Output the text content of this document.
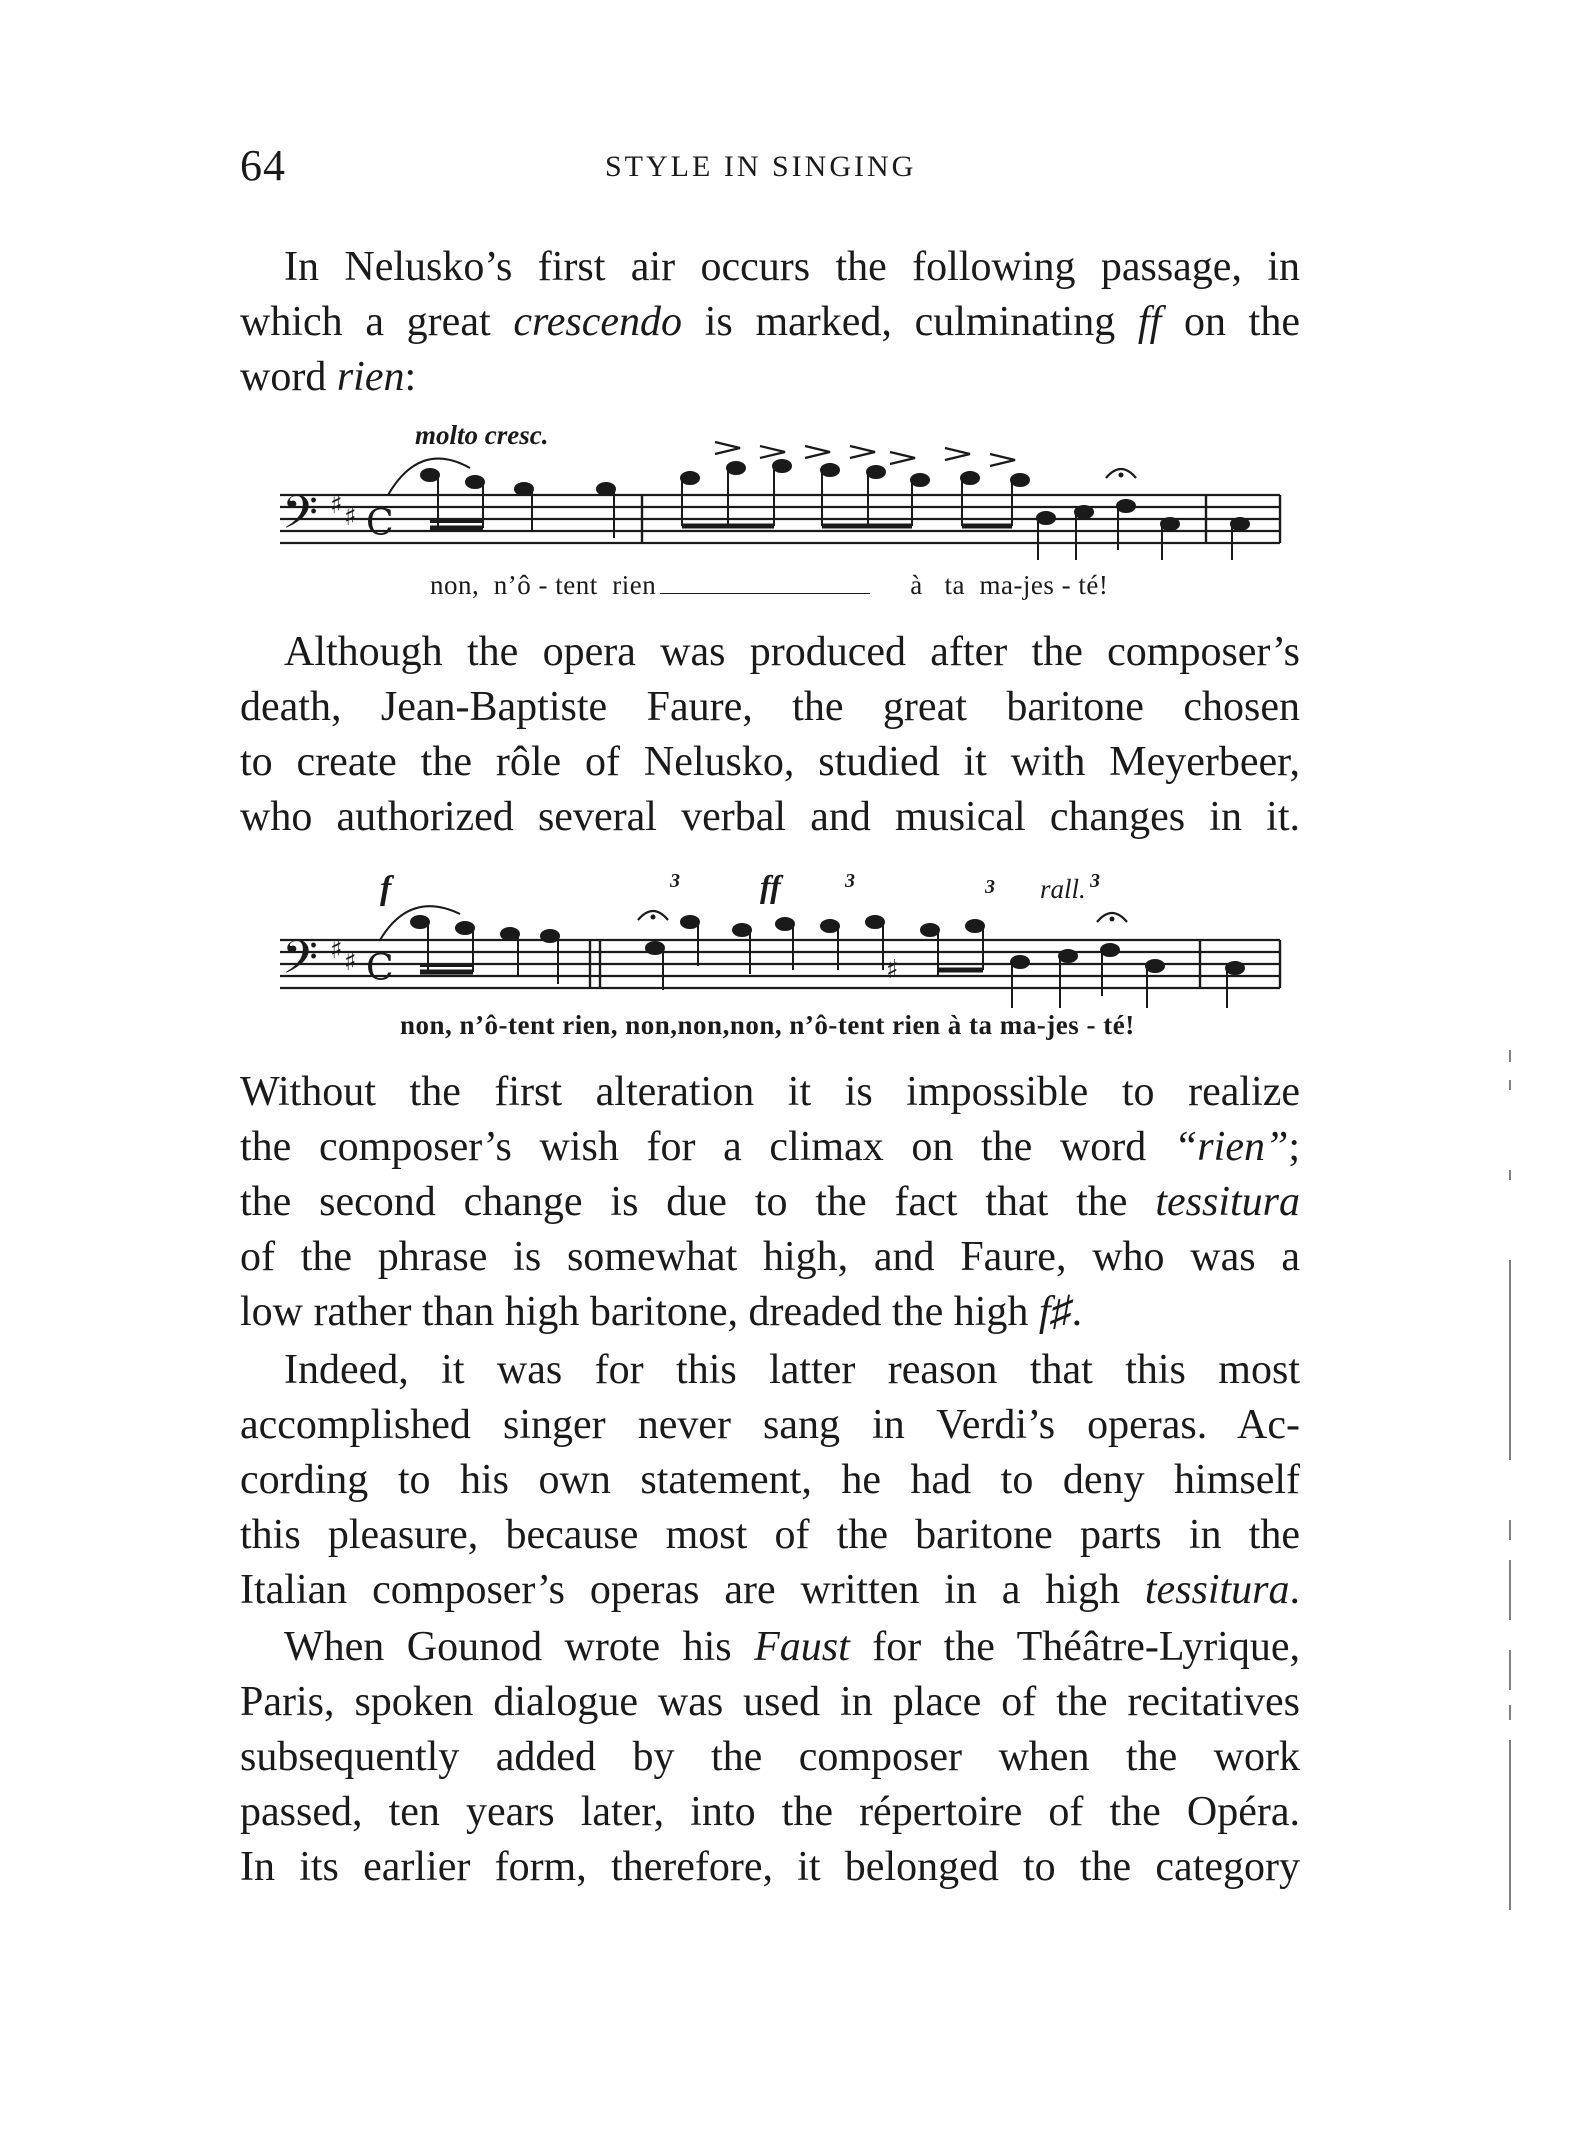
64	STYLE IN SINGING
In Nelusko’s first air occurs the following passage, in
which a great crescendo is marked, culminating ff on the
word rien:
molto cresc.
𝄢 ♯ ♯ C
non, n’ô - tent rien	à ta ma-jes - té!
Although the opera was produced after the composer’s
death, Jean-Baptiste Faure, the great baritone chosen
to create the rôle of Nelusko, studied it with Meyerbeer,
who authorized several verbal and musical changes in it.
f	ff
3	3	3 rall. 3
𝄢 ♯ ♯ C	♯
non, n’ô-tent rien, non,non,non, n’ô-tent rien à ta ma-jes - té!
Without the first alteration it is impossible to realize
the composer’s wish for a climax on the word “rien”;
the second change is due to the fact that the tessitura
of the phrase is somewhat high, and Faure, who was a
low rather than high baritone, dreaded the high f♯.
Indeed, it was for this latter reason that this most
accomplished singer never sang in Verdi’s operas. Ac-
cording to his own statement, he had to deny himself
this pleasure, because most of the baritone parts in the
Italian composer’s operas are written in a high tessitura.
When Gounod wrote his Faust for the Théâtre-Lyrique,
Paris, spoken dialogue was used in place of the recitatives
subsequently added by the composer when the work
passed, ten years later, into the répertoire of the Opéra.
In its earlier form, therefore, it belonged to the category
